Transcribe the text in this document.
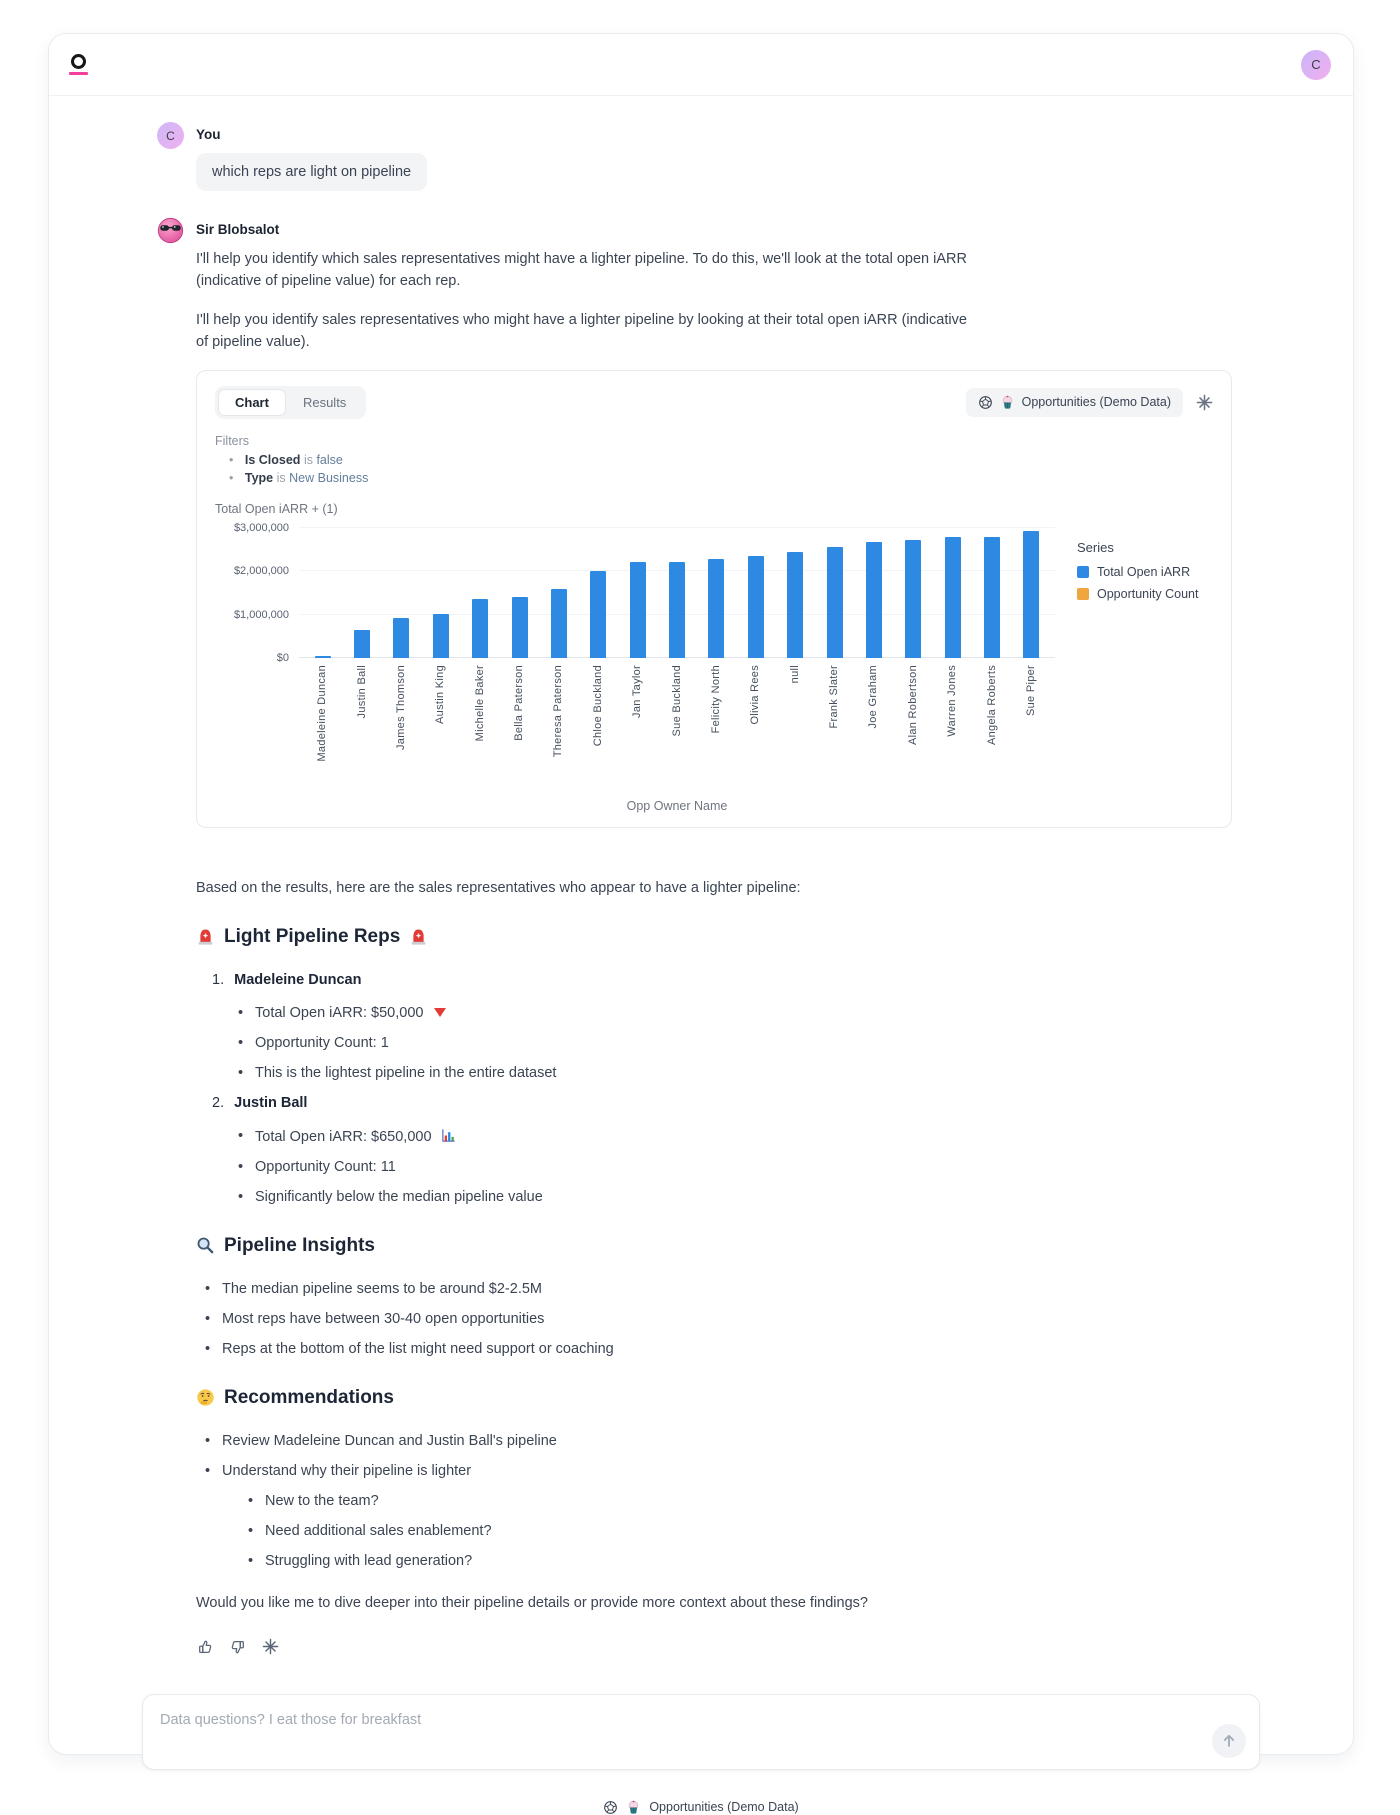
C
C	You
which reps are light on pipeline
Sir Blobsalot

I'll help you identify which sales representatives might have a lighter pipeline. To do this, we'll look at the total open iARR (indicative of pipeline value) for each rep.

I'll help you identify sales representatives who might have a lighter pipeline by looking at their total open iARR (indicative of pipeline value).

Chart	Results	Opportunities (Demo Data)
Filters
• Is Closed is false
• Type is New Business
Total Open iARR + (1)
$0
$1,000,000
$2,000,000
$3,000,000
Madeleine Duncan Justin Ball James Thomson Austin King Michelle Baker Bella Paterson Theresa Paterson Chloe Buckland Jan Taylor Sue Buckland Felicity North Olivia Rees null Frank Slater Joe Graham Alan Robertson Warren Jones Angela Roberts Sue Piper
Opp Owner Name
Series
Total Open iARR
Opportunity Count

Based on the results, here are the sales representatives who appear to have a lighter pipeline:

Light Pipeline Reps
1. Madeleine Duncan
• Total Open iARR: $50,000
• Opportunity Count: 1
• This is the lightest pipeline in the entire dataset
2. Justin Ball
• Total Open iARR: $650,000
• Opportunity Count: 11
• Significantly below the median pipeline value
Pipeline Insights
• The median pipeline seems to be around $2-2.5M
• Most reps have between 30-40 open opportunities
• Reps at the bottom of the list might need support or coaching
Recommendations
• Review Madeleine Duncan and Justin Ball's pipeline
• Understand why their pipeline is lighter
• New to the team?
• Need additional sales enablement?
• Struggling with lead generation?

Would you like me to dive deeper into their pipeline details or provide more context about these findings?

Data questions? I eat those for breakfast
Opportunities (Demo Data)
